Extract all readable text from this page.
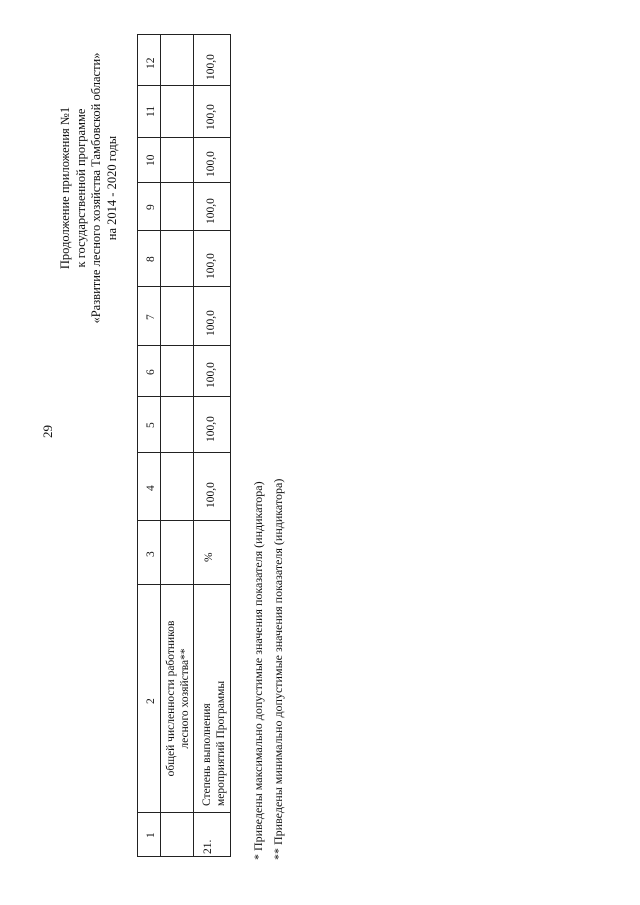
29
Продолжение приложения №1 к государственной программе «Развитие лесного хозяйства Тамбовской области» на 2014 - 2020 годы
1
2
3
4
5
6
7
8
9
10
11
12
общей численности работников лесного хозяйства**
21.
Степень выполнения мероприятий Программы
%
100,0
100,0
100,0
100,0
100,0
100,0
100,0
100,0
100,0
* Приведены максимально допустимые значения показателя (индикатора) ** Приведены минимально допустимые значения показателя (индикатора)
